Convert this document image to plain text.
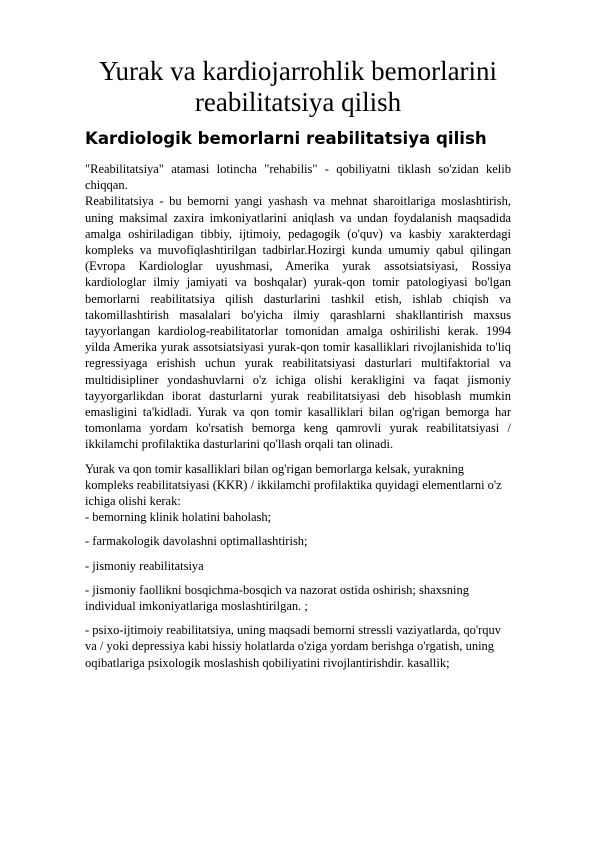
Yurak va kardiojarrohlik bemorlarini reabilitatsiya qilish
Kardiologik bemorlarni reabilitatsiya qilish

"Reabilitatsiya" atamasi lotincha "rehabilis" - qobiliyatni tiklash so'zidan kelib chiqqan.

Reabilitatsiya - bu bemorni yangi yashash va mehnat sharoitlariga moslashtirish, uning maksimal zaxira imkoniyatlarini aniqlash va undan foydalanish maqsadida amalga oshiriladigan tibbiy, ijtimoiy, pedagogik (o'quv) va kasbiy xarakterdagi kompleks va muvofiqlashtirilgan tadbirlar.Hozirgi kunda umumiy qabul qilingan (Evropa Kardiologlar uyushmasi, Amerika yurak assotsiatsiyasi, Rossiya kardiologlar ilmiy jamiyati va boshqalar) yurak-qon tomir patologiyasi bo'lgan bemorlarni reabilitatsiya qilish dasturlarini tashkil etish, ishlab chiqish va takomillashtirish masalalari bo'yicha ilmiy qarashlarni shakllantirish maxsus tayyorlangan kardiolog-reabilitatorlar tomonidan amalga oshirilishi kerak. 1994 yilda Amerika yurak assotsiatsiyasi yurak-qon tomir kasalliklari rivojlanishida to'liq regressiyaga erishish uchun yurak reabilitatsiyasi dasturlari multifaktorial va multidisipliner yondashuvlarni o'z ichiga olishi kerakligini va faqat jismoniy tayyorgarlikdan iborat dasturlarni yurak reabilitatsiyasi deb hisoblash mumkin emasligini ta'kidladi. Yurak va qon tomir kasalliklari bilan og'rigan bemorga har tomonlama yordam ko'rsatish bemorga keng qamrovli yurak reabilitatsiyasi / ikkilamchi profilaktika dasturlarini qo'llash orqali tan olinadi.

Yurak va qon tomir kasalliklari bilan og'rigan bemorlarga kelsak, yurakning
kompleks reabilitatsiyasi (KKR) / ikkilamchi profilaktika quyidagi elementlarni o'z
ichiga olishi kerak:
- bemorning klinik holatini baholash;
- farmakologik davolashni optimallashtirish;
- jismoniy reabilitatsiya
- jismoniy faollikni bosqichma-bosqich va nazorat ostida oshirish; shaxsning
individual imkoniyatlariga moslashtirilgan. ;
- psixo-ijtimoiy reabilitatsiya, uning maqsadi bemorni stressli vaziyatlarda, qo'rquv
va / yoki depressiya kabi hissiy holatlarda o'ziga yordam berishga o'rgatish, uning
oqibatlariga psixologik moslashish qobiliyatini rivojlantirishdir. kasallik;
